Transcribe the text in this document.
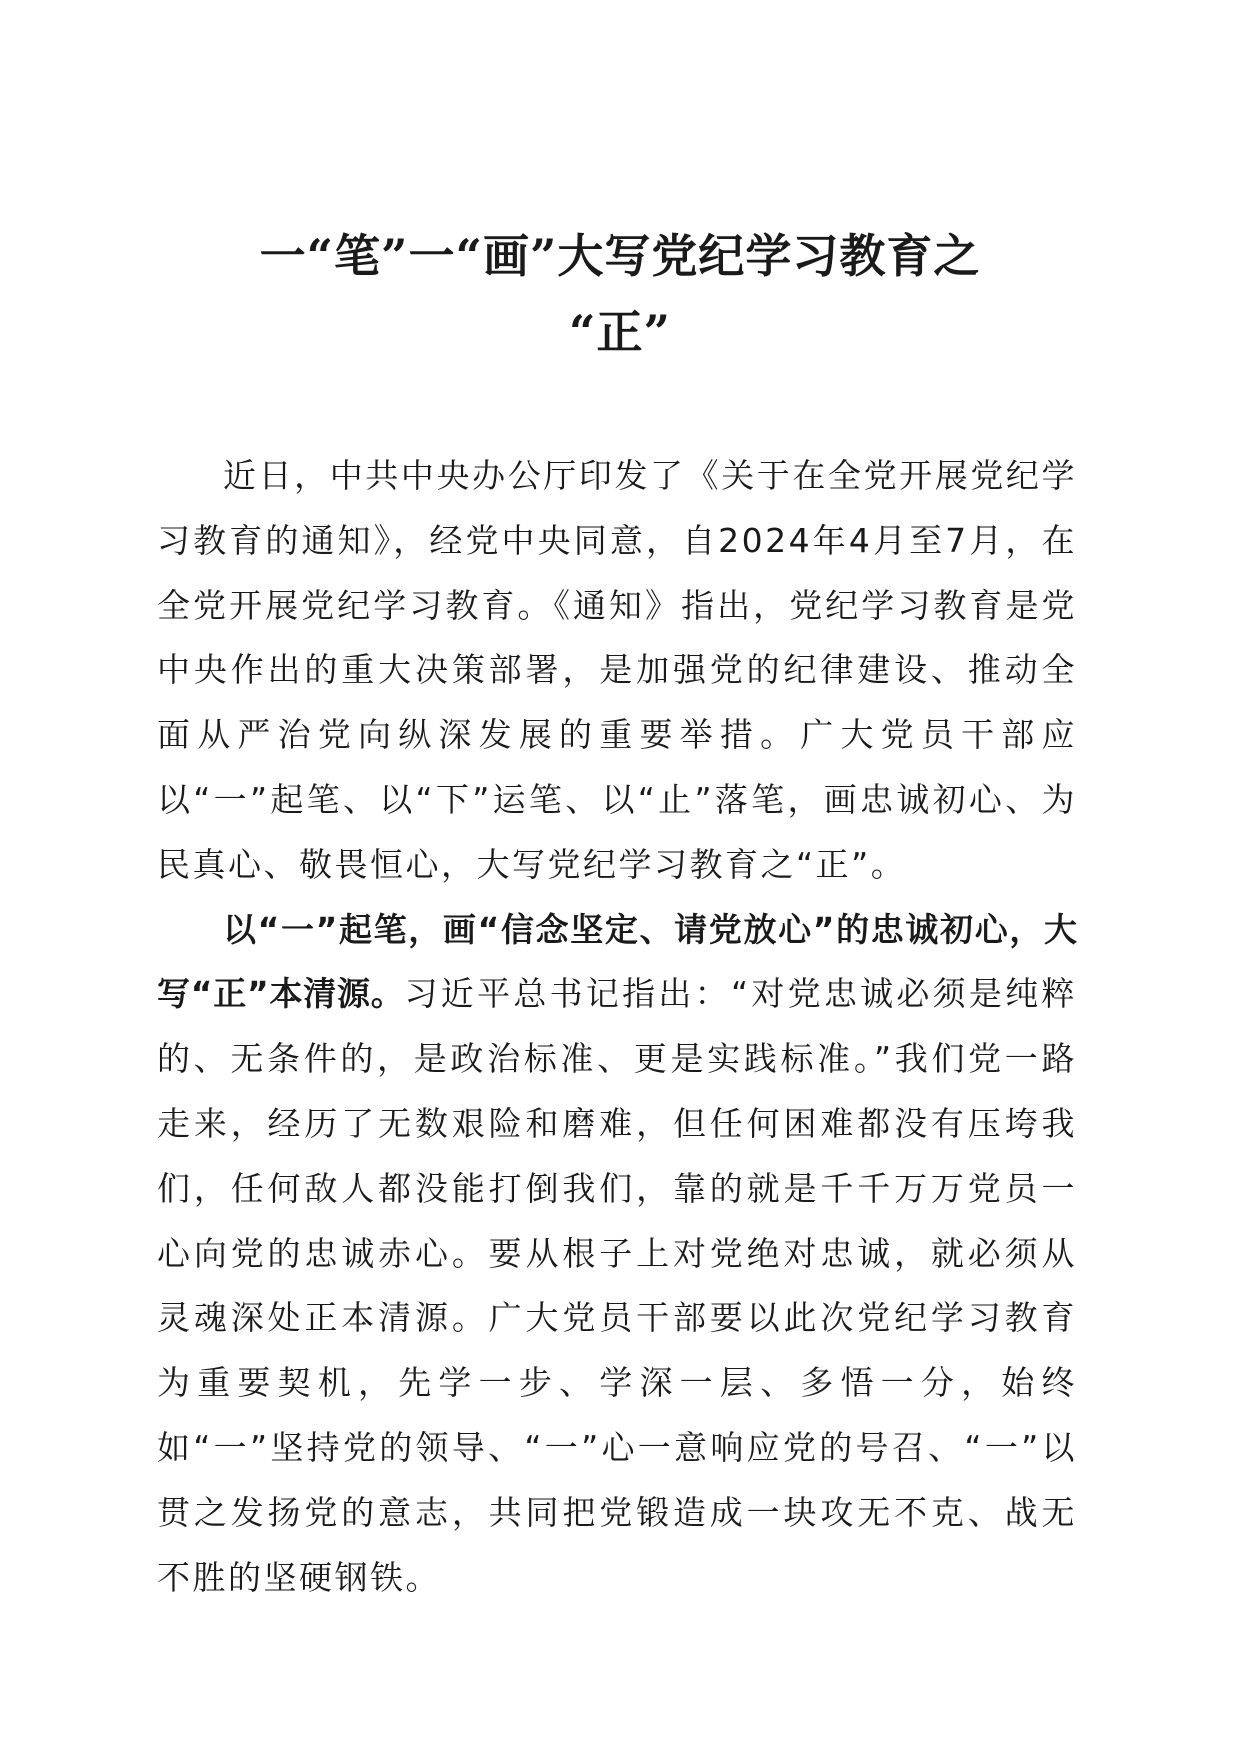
一“笔”一“画”大写党纪学习教育之
“正”

近日，中共中央办公厅印发了《关于在全党开展党纪学习教育的通知》，经党中央同意，自2024年4月至7月，在全党开展党纪学习教育。《通知》指出，党纪学习教育是党中央作出的重大决策部署，是加强党的纪律建设、推动全面从严治党向纵深发展的重要举措。广大党员干部应以“一”起笔、以“下”运笔、以“止”落笔，画忠诚初心、为民真心、敬畏恒心，大写党纪学习教育之“正”。

以“一”起笔，画“信念坚定、请党放心”的忠诚初心，大写“正”本清源。习近平总书记指出：“对党忠诚必须是纯粹的、无条件的，是政治标准、更是实践标准。”我们党一路走来，经历了无数艰险和磨难，但任何困难都没有压垮我们，任何敌人都没能打倒我们，靠的就是千千万万党员一心向党的忠诚赤心。要从根子上对党绝对忠诚，就必须从灵魂深处正本清源。广大党员干部要以此次党纪学习教育为重要契机，先学一步、学深一层、多悟一分，始终如“一”坚持党的领导、“一”心一意响应党的号召、“一”以贯之发扬党的意志，共同把党锻造成一块攻无不克、战无不胜的坚硬钢铁。
